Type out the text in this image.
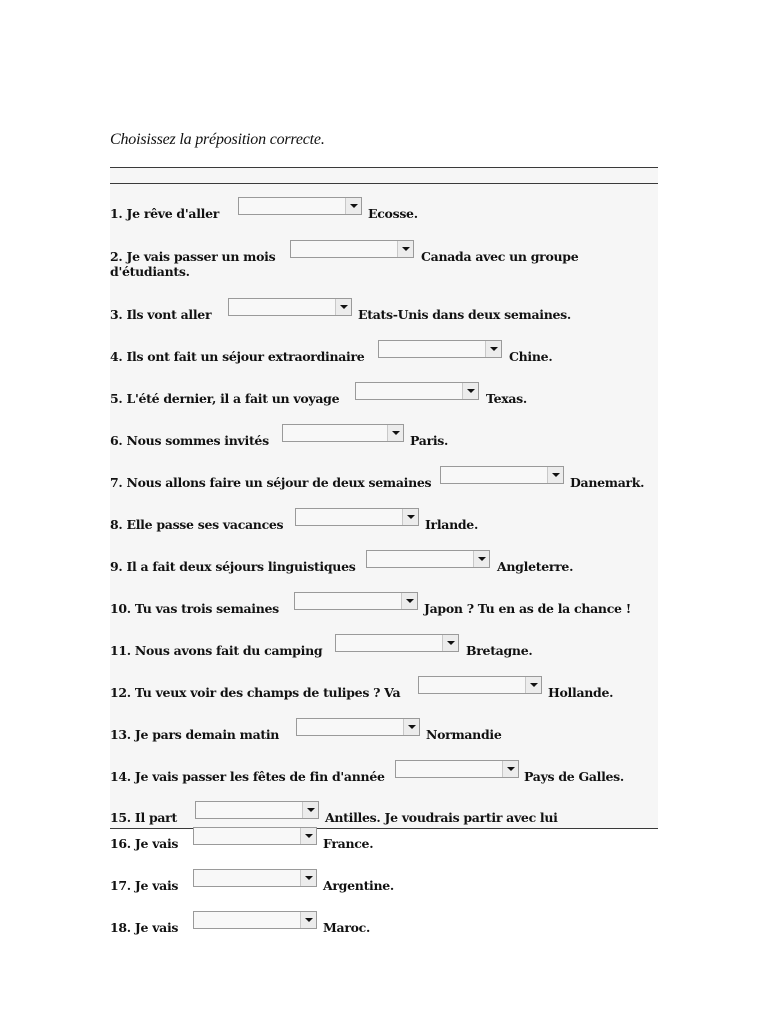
Choisissez la préposition correcte.
1. Je rêve d'aller	Ecosse.
2. Je vais passer un mois	Canada avec un groupe
d'étudiants.
3. Ils vont aller	Etats-Unis dans deux semaines.
4. Ils ont fait un séjour extraordinaire	Chine.
5. L'été dernier, il a fait un voyage	Texas.
6. Nous sommes invités	Paris.
7. Nous allons faire un séjour de deux semaines	Danemark.
8. Elle passe ses vacances	Irlande.
9. Il a fait deux séjours linguistiques	Angleterre.
10. Tu vas trois semaines	Japon ? Tu en as de la chance !
11. Nous avons fait du camping	Bretagne.
12. Tu veux voir des champs de tulipes ? Va	Hollande.
13. Je pars demain matin	Normandie
14. Je vais passer les fêtes de fin d'année	Pays de Galles.
15. Il part	Antilles. Je voudrais partir avec lui
16. Je vais	France.
17. Je vais	Argentine.
18. Je vais	Maroc.
